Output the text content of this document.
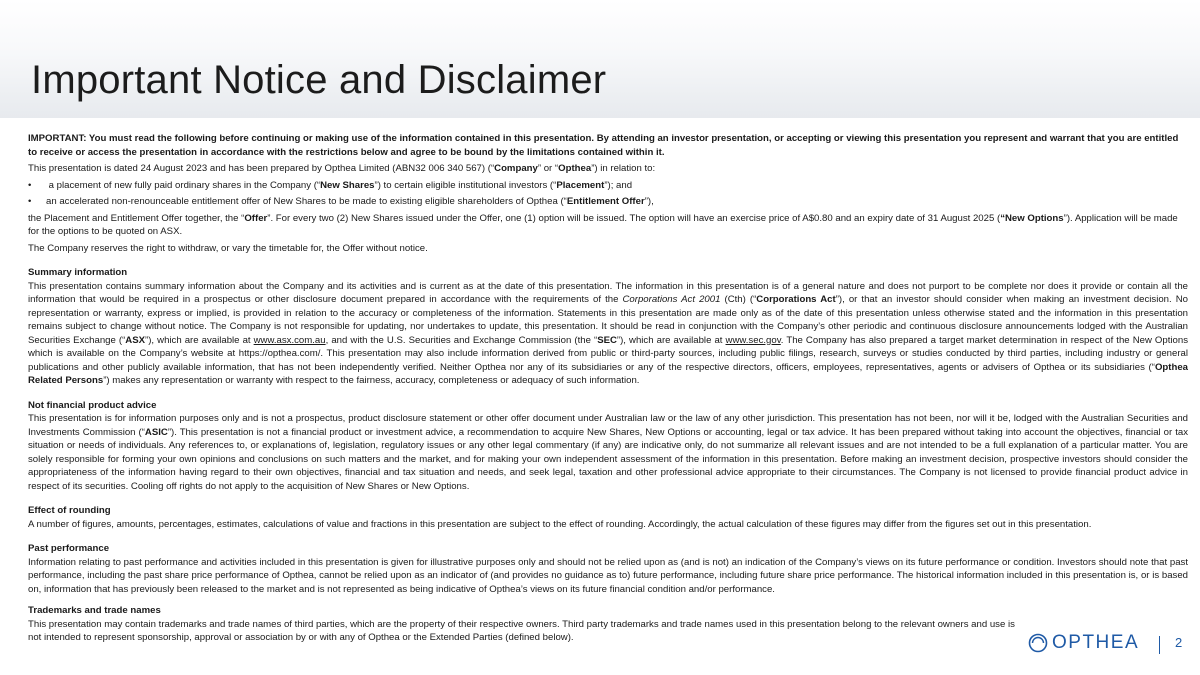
Important Notice and Disclaimer

IMPORTANT: You must read the following before continuing or making use of the information contained in this presentation. By attending an investor presentation, or accepting or viewing this presentation you represent and warrant that you are entitled to receive or access the presentation in accordance with the restrictions below and agree to be bound by the limitations contained within it.

This presentation is dated 24 August 2023 and has been prepared by Opthea Limited (ABN32 006 340 567) (“Company” or “Opthea”) in relation to:

• a placement of new fully paid ordinary shares in the Company (“New Shares”) to certain eligible institutional investors (“Placement”); and
• an accelerated non-renounceable entitlement offer of New Shares to be made to existing eligible shareholders of Opthea (“Entitlement Offer”),

the Placement and Entitlement Offer together, the “Offer”. For every two (2) New Shares issued under the Offer, one (1) option will be issued. The option will have an exercise price of A$0.80 and an expiry date of 31 August 2025 (“New Options”). Application will be made for the options to be quoted on ASX.

The Company reserves the right to withdraw, or vary the timetable for, the Offer without notice.

Summary information

This presentation contains summary information about the Company and its activities and is current as at the date of this presentation. The information in this presentation is of a general nature and does not purport to be complete nor does it provide or contain all the information that would be required in a prospectus or other disclosure document prepared in accordance with the requirements of the Corporations Act 2001 (Cth) (“Corporations Act”), or that an investor should consider when making an investment decision. No representation or warranty, express or implied, is provided in relation to the accuracy or completeness of the information. Statements in this presentation are made only as of the date of this presentation unless otherwise stated and the information in this presentation remains subject to change without notice. The Company is not responsible for updating, nor undertakes to update, this presentation. It should be read in conjunction with the Company’s other periodic and continuous disclosure announcements lodged with the Australian Securities Exchange (“ASX”), which are available at www.asx.com.au, and with the U.S. Securities and Exchange Commission (the “SEC”), which are available at www.sec.gov. The Company has also prepared a target market determination in respect of the New Options which is available on the Company’s website at https://opthea.com/. This presentation may also include information derived from public or third-party sources, including public filings, research, surveys or studies conducted by third parties, including industry or general publications and other publicly available information, that has not been independently verified. Neither Opthea nor any of its subsidiaries or any of the respective directors, officers, employees, representatives, agents or advisers of Opthea or its subsidiaries (“Opthea Related Persons”) makes any representation or warranty with respect to the fairness, accuracy, completeness or adequacy of such information.

Not financial product advice

This presentation is for information purposes only and is not a prospectus, product disclosure statement or other offer document under Australian law or the law of any other jurisdiction. This presentation has not been, nor will it be, lodged with the Australian Securities and Investments Commission (“ASIC”). This presentation is not a financial product or investment advice, a recommendation to acquire New Shares, New Options or accounting, legal or tax advice. It has been prepared without taking into account the objectives, financial or tax situation or needs of individuals. Any references to, or explanations of, legislation, regulatory issues or any other legal commentary (if any) are indicative only, do not summarize all relevant issues and are not intended to be a full explanation of a particular matter. You are solely responsible for forming your own opinions and conclusions on such matters and the market, and for making your own independent assessment of the information in this presentation. Before making an investment decision, prospective investors should consider the appropriateness of the information having regard to their own objectives, financial and tax situation and needs, and seek legal, taxation and other professional advice appropriate to their circumstances. The Company is not licensed to provide financial product advice in respect of its securities. Cooling off rights do not apply to the acquisition of New Shares or New Options.

Effect of rounding

A number of figures, amounts, percentages, estimates, calculations of value and fractions in this presentation are subject to the effect of rounding. Accordingly, the actual calculation of these figures may differ from the figures set out in this presentation.

Past performance

Information relating to past performance and activities included in this presentation is given for illustrative purposes only and should not be relied upon as (and is not) an indication of the Company’s views on its future performance or condition. Investors should note that past performance, including the past share price performance of Opthea, cannot be relied upon as an indicator of (and provides no guidance as to) future performance, including future share price performance. The historical information included in this presentation is, or is based on, information that has previously been released to the market and is not represented as being indicative of Opthea’s views on its future financial condition and/or performance.

Trademarks and trade names

This presentation may contain trademarks and trade names of third parties, which are the property of their respective owners. Third party trademarks and trade names used in this presentation belong to the relevant owners and use is not intended to represent sponsorship, approval or association by or with any of Opthea or the Extended Parties (defined below).	OPTHEA	2
